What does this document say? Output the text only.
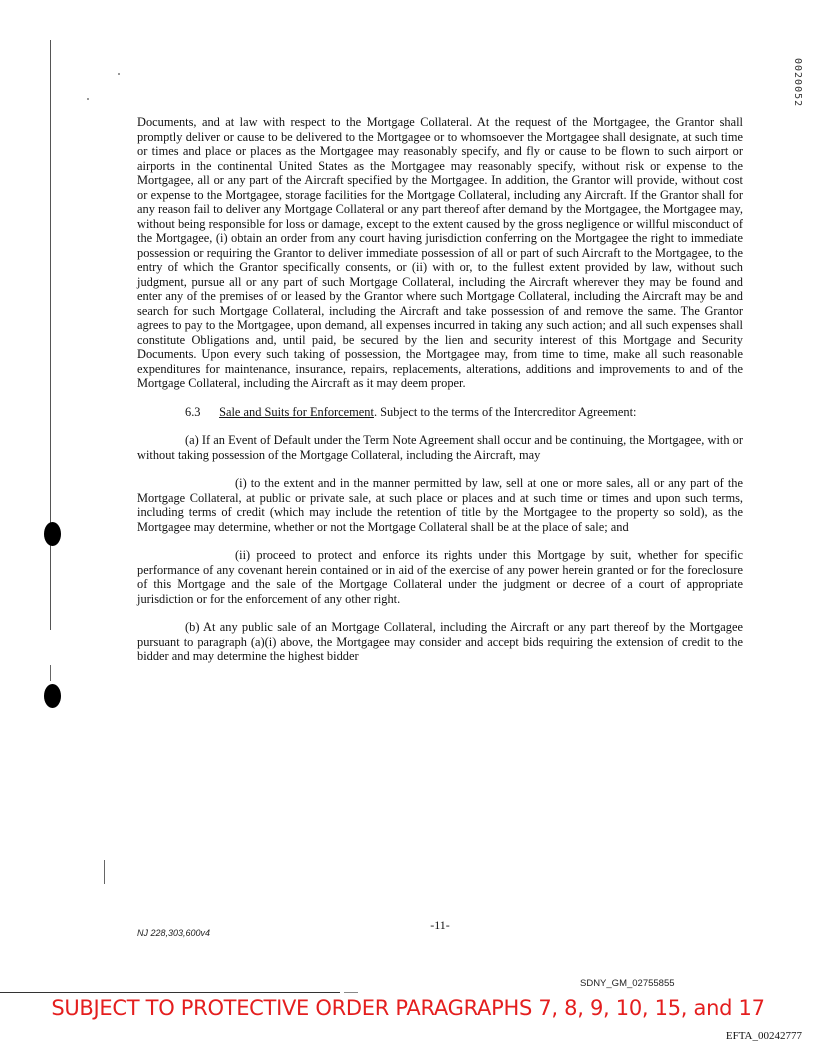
0020052

Documents, and at law with respect to the Mortgage Collateral. At the request of the Mortgagee, the Grantor shall promptly deliver or cause to be delivered to the Mortgagee or to whomsoever the Mortgagee shall designate, at such time or times and place or places as the Mortgagee may reasonably specify, and fly or cause to be flown to such airport or airports in the continental United States as the Mortgagee may reasonably specify, without risk or expense to the Mortgagee, all or any part of the Aircraft specified by the Mortgagee. In addition, the Grantor will provide, without cost or expense to the Mortgagee, storage facilities for the Mortgage Collateral, including any Aircraft. If the Grantor shall for any reason fail to deliver any Mortgage Collateral or any part thereof after demand by the Mortgagee, the Mortgagee may, without being responsible for loss or damage, except to the extent caused by the gross negligence or willful misconduct of the Mortgagee, (i) obtain an order from any court having jurisdiction conferring on the Mortgagee the right to immediate possession or requiring the Grantor to deliver immediate possession of all or part of such Aircraft to the Mortgagee, to the entry of which the Grantor specifically consents, or (ii) with or, to the fullest extent provided by law, without such judgment, pursue all or any part of such Mortgage Collateral, including the Aircraft wherever they may be found and enter any of the premises of or leased by the Grantor where such Mortgage Collateral, including the Aircraft may be and search for such Mortgage Collateral, including the Aircraft and take possession of and remove the same. The Grantor agrees to pay to the Mortgagee, upon demand, all expenses incurred in taking any such action; and all such expenses shall constitute Obligations and, until paid, be secured by the lien and security interest of this Mortgage and Security Documents. Upon every such taking of possession, the Mortgagee may, from time to time, make all such reasonable expenditures for maintenance, insurance, repairs, replacements, alterations, additions and improvements to and of the Mortgage Collateral, including the Aircraft as it may deem proper.

6.3 Sale and Suits for Enforcement. Subject to the terms of the Intercreditor Agreement:

(a) If an Event of Default under the Term Note Agreement shall occur and be continuing, the Mortgagee, with or without taking possession of the Mortgage Collateral, including the Aircraft, may

(i) to the extent and in the manner permitted by law, sell at one or more sales, all or any part of the Mortgage Collateral, at public or private sale, at such place or places and at such time or times and upon such terms, including terms of credit (which may include the retention of title by the Mortgagee to the property so sold), as the Mortgagee may determine, whether or not the Mortgage Collateral shall be at the place of sale; and

(ii) proceed to protect and enforce its rights under this Mortgage by suit, whether for specific performance of any covenant herein contained or in aid of the exercise of any power herein granted or for the foreclosure of this Mortgage and the sale of the Mortgage Collateral under the judgment or decree of a court of appropriate jurisdiction or for the enforcement of any other right.

(b) At any public sale of an Mortgage Collateral, including the Aircraft or any part thereof by the Mortgagee pursuant to paragraph (a)(i) above, the Mortgagee may consider and accept bids requiring the extension of credit to the bidder and may determine the highest bidder

NJ 228,303,600v4
-11-
SDNY_GM_02755855
SUBJECT TO PROTECTIVE ORDER PARAGRAPHS 7, 8, 9, 10, 15, and 17
EFTA_00242777
